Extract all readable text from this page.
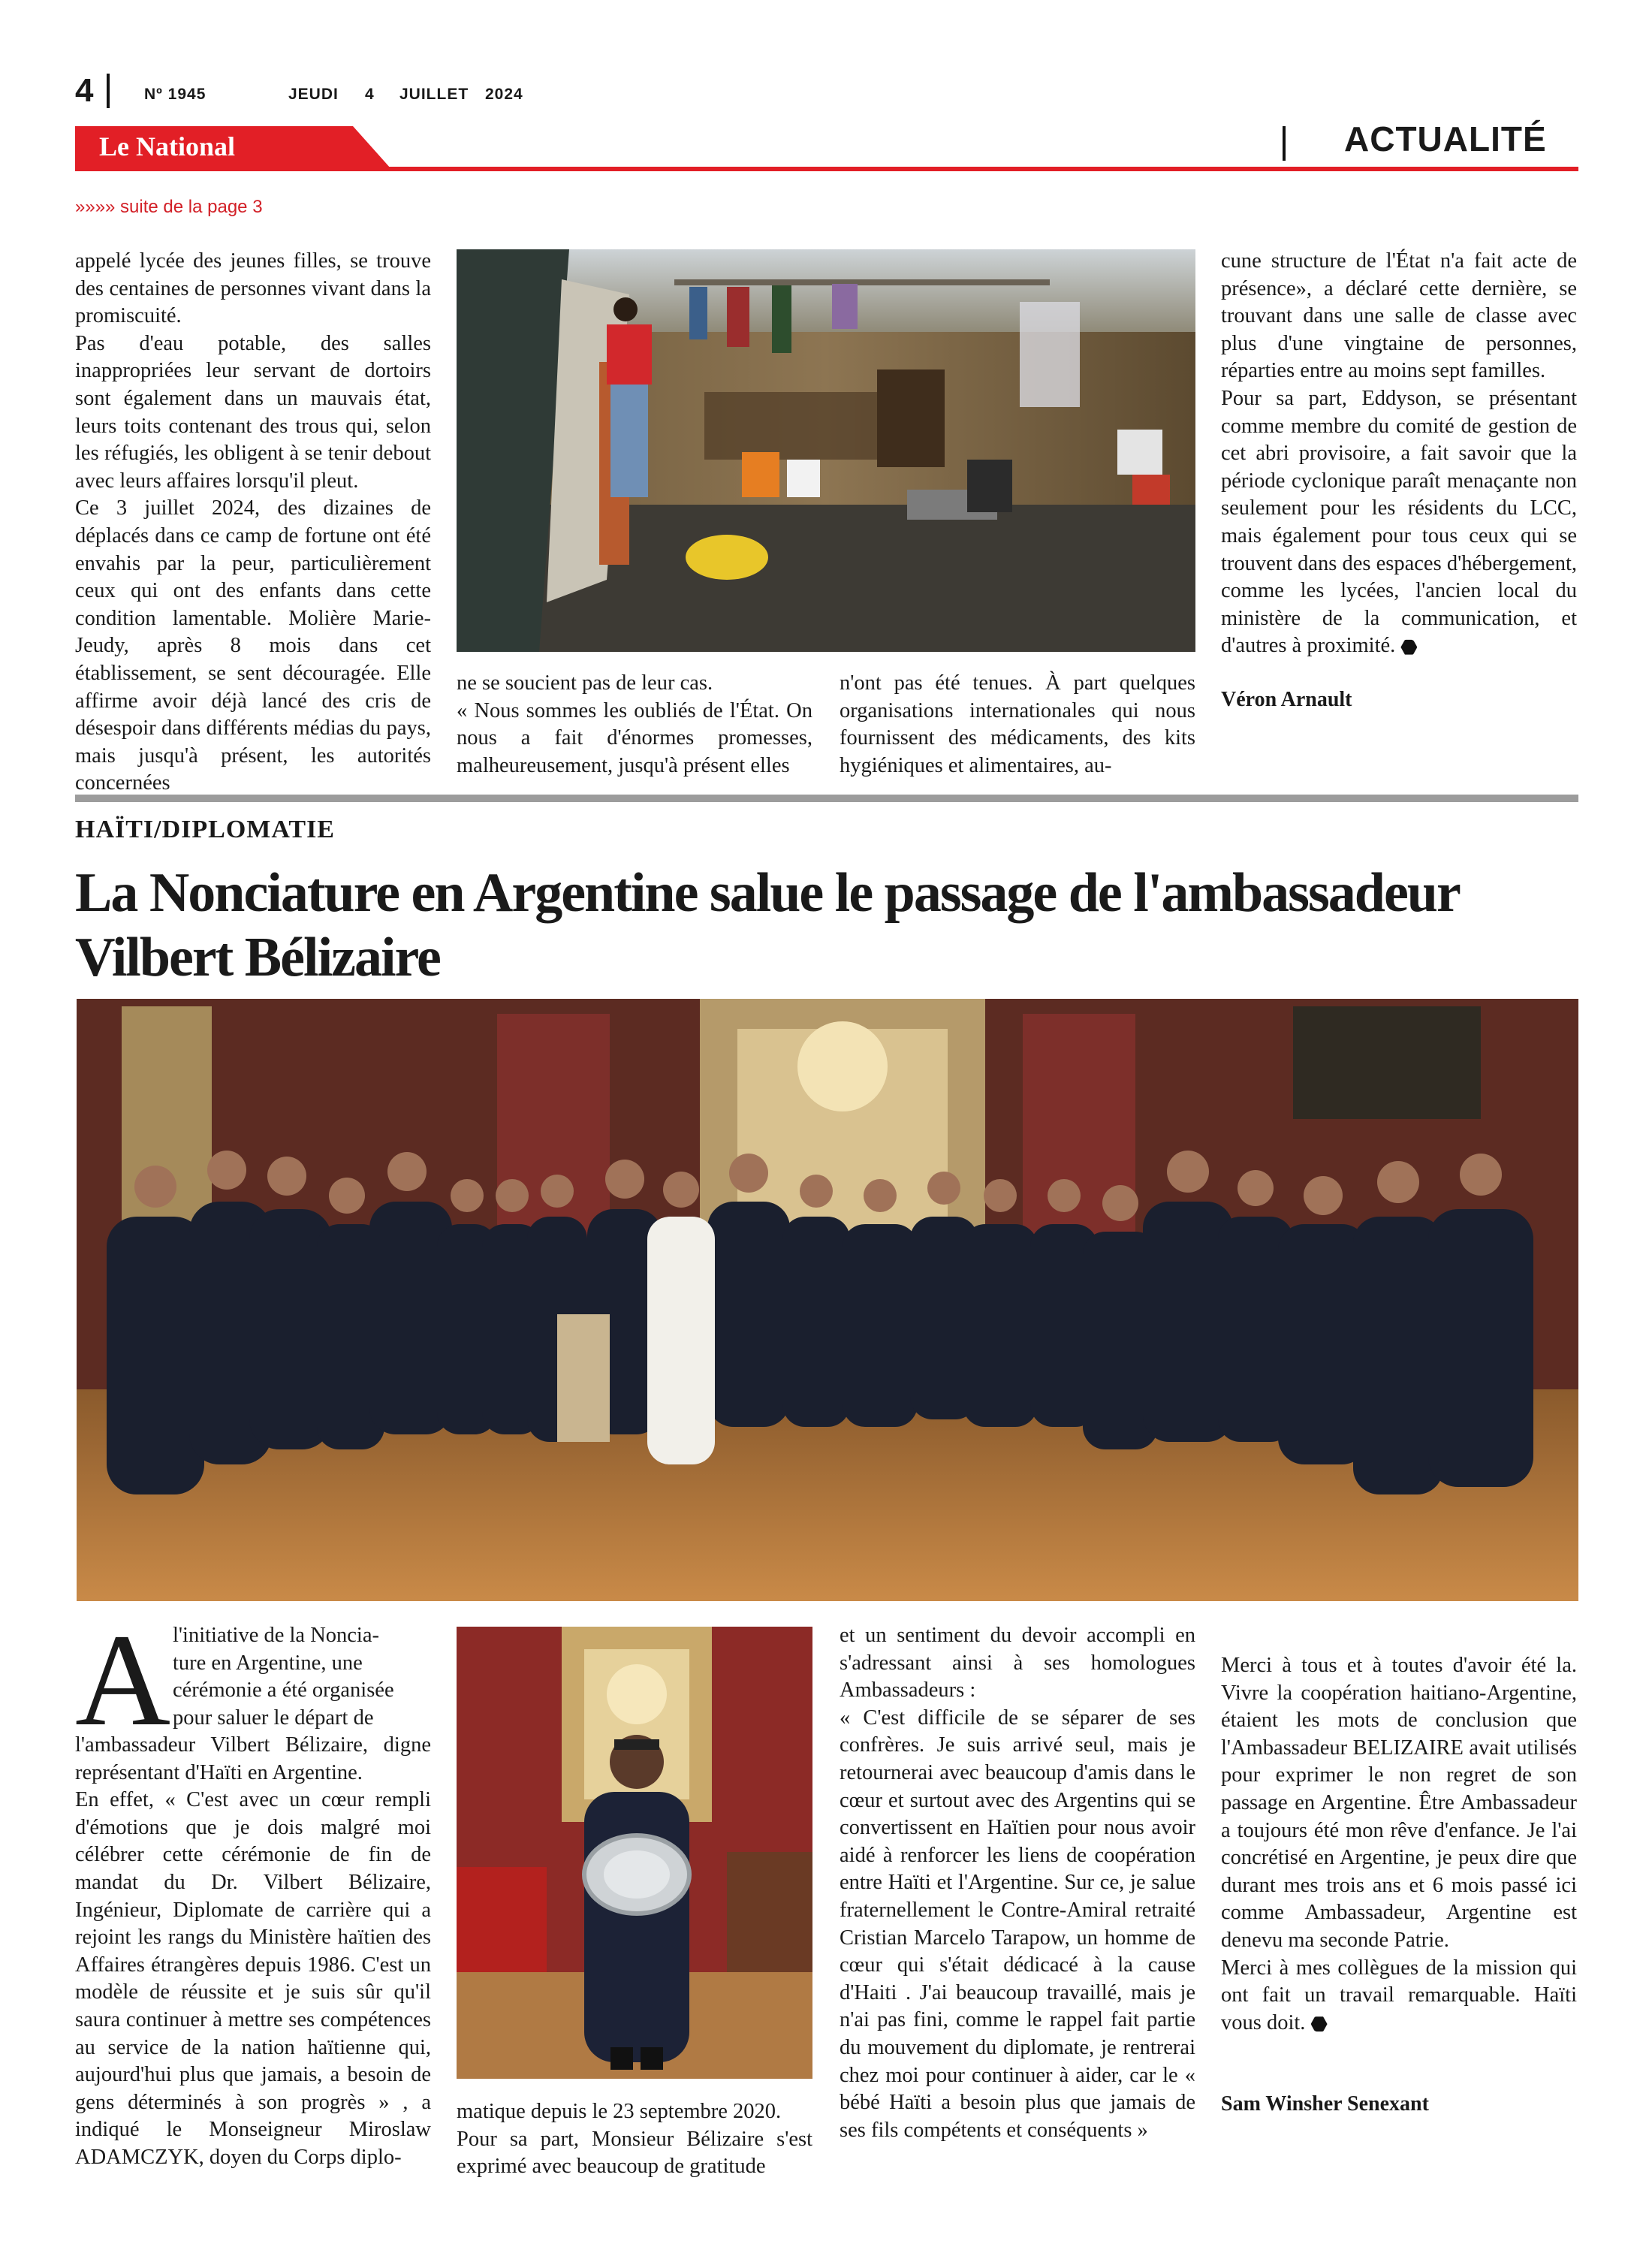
4	Nº 1945	JEUDI 4 JUILLET 2024
Le National	ACTUALITÉ
»»»» suite de la page 3

appelé lycée des jeunes filles, se trouve des centaines de personnes vivant dans la promiscuité.

Pas d'eau potable, des salles inappropriées leur servant de dortoirs sont également dans un mauvais état, leurs toits contenant des trous qui, selon les réfugiés, les obligent à se tenir debout avec leurs affaires lorsqu'il pleut.

Ce 3 juillet 2024, des dizaines de déplacés dans ce camp de fortune ont été envahis par la peur, particulièrement ceux qui ont des enfants dans cette condition lamentable. Molière Marie-Jeudy, après 8 mois dans cet établissement, se sent découragée. Elle affirme avoir déjà lancé des cris de désespoir dans différents médias du pays, mais jusqu'à présent, les autorités concernées

ne se soucient pas de leur cas.

« Nous sommes les oubliés de l'État. On nous a fait d'énormes promesses, malheureusement, jusqu'à présent elles

n'ont pas été tenues. À part quelques organisations internationales qui nous fournissent des médicaments, des kits hygiéniques et alimentaires, au-

cune structure de l'État n'a fait acte de présence», a déclaré cette dernière, se trouvant dans une salle de classe avec plus d'une vingtaine de personnes, réparties entre au moins sept familles.

Pour sa part, Eddyson, se présentant comme membre du comité de gestion de cet abri provisoire, a fait savoir que la période cyclonique paraît menaçante non seulement pour les résidents du LCC, mais également pour tous ceux qui se trouvent dans des espaces d'hébergement, comme les lycées, l'ancien local du ministère de la communication, et d'autres à proximité.

Véron Arnault
HAÏTI/DIPLOMATIE
La Nonciature en Argentine salue le passage de l'ambassadeur
Vilbert Bélizaire
A l'initiative de la Noncia-
ture en Argentine, une
cérémonie a été organisée
pour saluer le départ de

l'ambassadeur Vilbert Bélizaire, digne représentant d'Haïti en Argentine.

En effet, « C'est avec un cœur rempli d'émotions que je dois malgré moi célébrer cette cérémonie de fin de mandat du Dr. Vilbert Bélizaire, Ingénieur, Diplomate de carrière qui a rejoint les rangs du Ministère haïtien des Affaires étrangères depuis 1986. C'est un modèle de réussite et je suis sûr qu'il saura continuer à mettre ses compétences au service de la nation haïtienne qui, aujourd'hui plus que jamais, a besoin de gens déterminés à son progrès » , a indiqué le Monseigneur Miroslaw ADAMCZYK, doyen du Corps diplo-

matique depuis le 23 septembre 2020.

Pour sa part, Monsieur Bélizaire s'est exprimé avec beaucoup de gratitude

et un sentiment du devoir accompli en s'adressant ainsi à ses homologues Ambassadeurs :

« C'est difficile de se séparer de ses confrères. Je suis arrivé seul, mais je retournerai avec beaucoup d'amis dans le cœur et surtout avec des Argentins qui se convertissent en Haïtien pour nous avoir aidé à renforcer les liens de coopération entre Haïti et l'Argentine. Sur ce, je salue fraternellement le Contre-Amiral retraité Cristian Marcelo Tarapow, un homme de cœur qui s'était dédicacé à la cause d'Haiti . J'ai beaucoup travaillé, mais je n'ai pas fini, comme le rappel fait partie du mouvement du diplomate, je rentrerai chez moi pour continuer à aider, car le « bébé Haïti a besoin plus que jamais de ses fils compétents et conséquents »

Merci à tous et à toutes d'avoir été la. Vivre la coopération haitiano-Argentine, étaient les mots de conclusion que l'Ambassadeur BELIZAIRE avait utilisés pour exprimer le non regret de son passage en Argentine. Être Ambassadeur a toujours été mon rêve d'enfance. Je l'ai concrétisé en Argentine, je peux dire que durant mes trois ans et 6 mois passé ici comme Ambassadeur, Argentine est denevu ma seconde Patrie.

Merci à mes collègues de la mission qui ont fait un travail remarquable. Haïti vous doit.

Sam Winsher Senexant
